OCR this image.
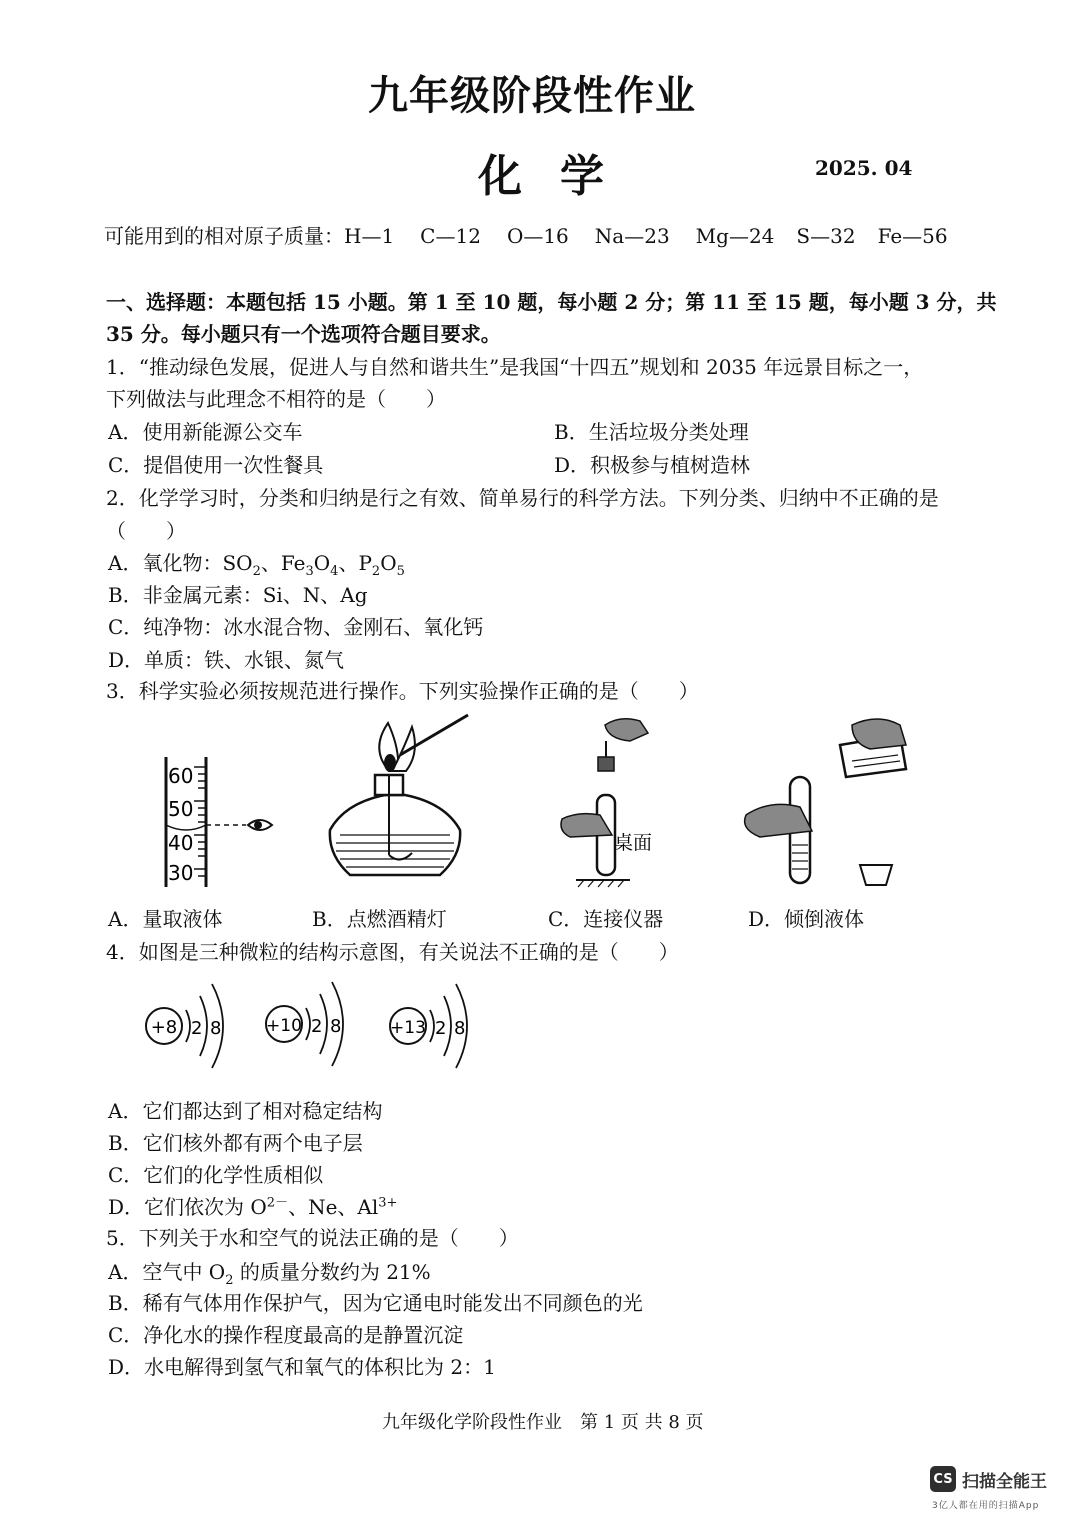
九年级阶段性作业
化学	2025. 04
可能用到的相对原子质量：H—1 C—12 O—16 Na—23 Mg—24 S—32 Fe—56
一、选择题：本题包括 15 小题。第 1 至 10 题，每小题 2 分；第 11 至 15 题，每小题 3 分，共
35 分。每小题只有一个选项符合题目要求。
1．“推动绿色发展，促进人与自然和谐共生”是我国“十四五”规划和 2035 年远景目标之一，
下列做法与此理念不相符的是（　　）
A．使用新能源公交车	B．生活垃圾分类处理
C．提倡使用一次性餐具	D．积极参与植树造林
2．化学学习时，分类和归纳是行之有效、简单易行的科学方法。下列分类、归纳中不正确的是
（　　）
A．氧化物：$SO_2$、$Fe_3O_4$、$P_2O_5$
B．非金属元素：Si、N、Ag
C．纯净物：冰水混合物、金刚石、氧化钙
D．单质：铁、水银、氮气
3．科学实验必须按规范进行操作。下列实验操作正确的是（　　）
60
50
40
30
桌面
A．量取液体	B．点燃酒精灯	C．连接仪器	D．倾倒液体
4．如图是三种微粒的结构示意图，有关说法不正确的是（　　）
+8 2 8	+10 2 8	+13 2 8
A．它们都达到了相对稳定结构
B．它们核外都有两个电子层
C．它们的化学性质相似
D．它们依次为 $O^{2-}$、Ne、$Al^{3+}$
5．下列关于水和空气的说法正确的是（　　）
A．空气中 $O_2$ 的质量分数约为 21%
B．稀有气体用作保护气，因为它通电时能发出不同颜色的光
C．净化水的操作程度最高的是静置沉淀
D．水电解得到氢气和氧气的体积比为 2：1
九年级化学阶段性作业　第 1 页 共 8 页
CS 扫描全能王
3亿人都在用的扫描App
